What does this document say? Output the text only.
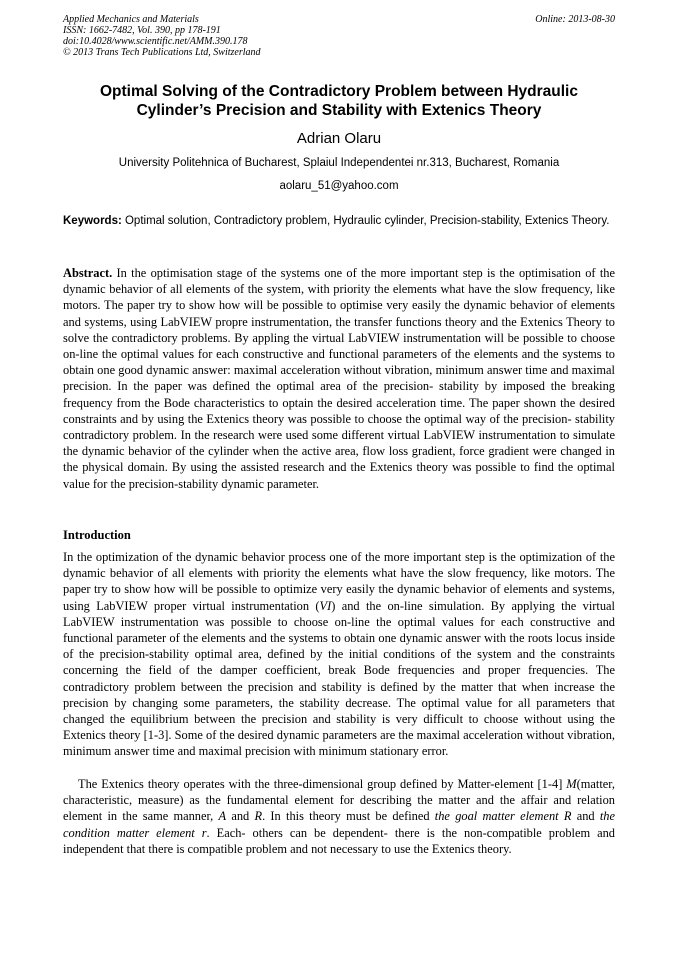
Applied Mechanics and Materials
ISSN: 1662-7482, Vol. 390, pp 178-191
doi:10.4028/www.scientific.net/AMM.390.178
© 2013 Trans Tech Publications Ltd, Switzerland
Online: 2013-08-30
Optimal Solving of the Contradictory Problem between Hydraulic
Cylinder’s Precision and Stability with Extenics Theory
Adrian Olaru
University Politehnica of Bucharest, Splaiul Independentei nr.313, Bucharest, Romania
aolaru_51@yahoo.com
Keywords: Optimal solution, Contradictory problem, Hydraulic cylinder, Precision-stability, Extenics Theory.
Abstract. In the optimisation stage of the systems one of the more important step is the optimisation of the dynamic behavior of all elements of the system, with priority the elements what have the slow frequency, like motors. The paper try to show how will be possible to optimise very easily the dynamic behavior of elements and systems, using LabVIEW propre instrumentation, the transfer functions theory and the Extenics Theory to solve the contradictory problems. By appling the virtual LabVIEW instrumentation will be possible to choose on-line the optimal values for each constructive and functional parameters of the elements and the systems to obtain one good dynamic answer: maximal acceleration without vibration, minimum answer time and maximal precision. In the paper was defined the optimal area of the precision- stability by imposed the breaking frequency from the Bode characteristics to optain the desired acceleration time. The paper shown the desired constraints and by using the Extenics theory was possible to choose the optimal way of the precision- stability contradictory problem. In the research were used some different virtual LabVIEW instrumentation to simulate the dynamic behavior of the cylinder when the active area, flow loss gradient, force gradient were changed in the physical domain. By using the assisted research and the Extenics theory was possible to find the optimal value for the precision-stability dynamic parameter.
Introduction
In the optimization of the dynamic behavior process one of the more important step is the optimization of the dynamic behavior of all elements with priority the elements what have the slow frequency, like motors. The paper try to show how will be possible to optimize very easily the dynamic behavior of elements and systems, using LabVIEW proper virtual instrumentation (VI) and the on-line simulation. By applying the virtual LabVIEW instrumentation was possible to choose on-line the optimal values for each constructive and functional parameter of the elements and the systems to obtain one dynamic answer with the roots locus inside of the precision-stability optimal area, defined by the initial conditions of the system and the constraints concerning the field of the damper coefficient, break Bode frequencies and proper frequencies. The contradictory problem between the precision and stability is defined by the matter that when increase the precision by changing some parameters, the stability decrease. The optimal value for all parameters that changed the equilibrium between the precision and stability is very difficult to choose without using the Extenics theory [1-3]. Some of the desired dynamic parameters are the maximal acceleration without vibration, minimum answer time and maximal precision with minimum stationary error.
The Extenics theory operates with the three-dimensional group defined by Matter-element [1-4] M(matter, characteristic, measure) as the fundamental element for describing the matter and the affair and relation element in the same manner, A and R. In this theory must be defined the goal matter element R and the condition matter element r. Each- others can be dependent- there is the non-compatible problem and independent that there is compatible problem and not necessary to use the Extenics theory.
